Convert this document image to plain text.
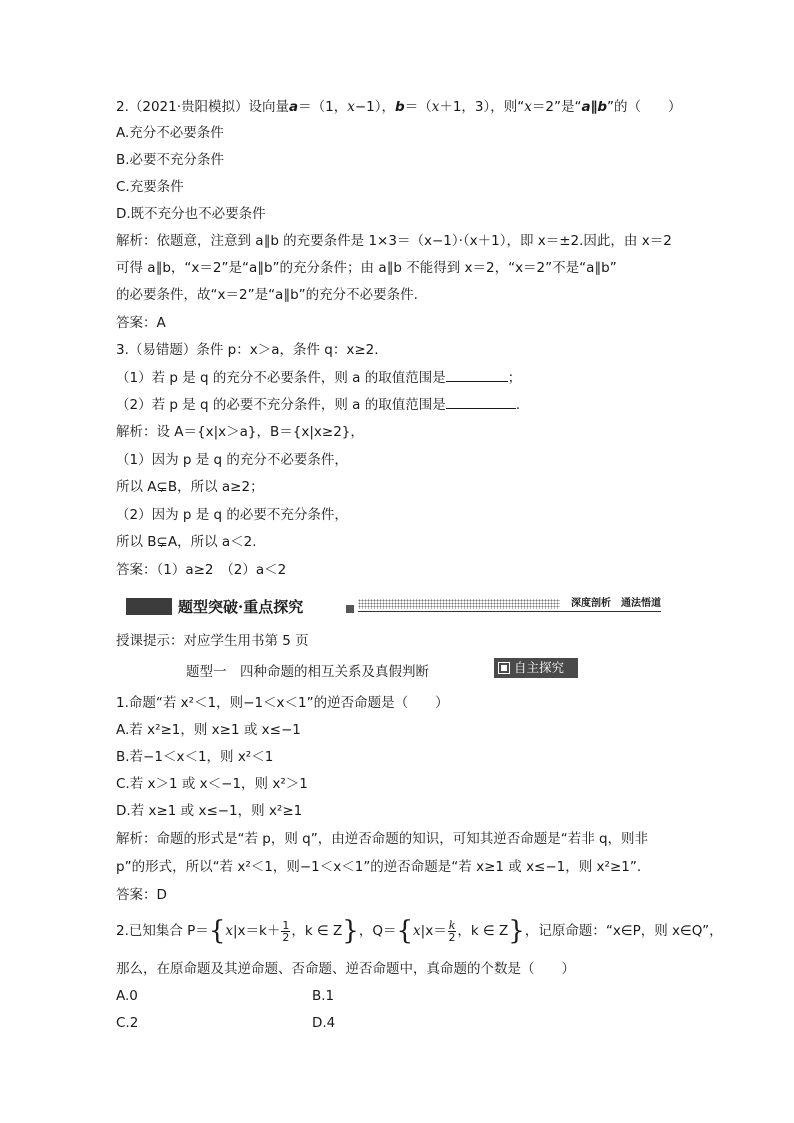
2.（2021·贵阳模拟）设向量a＝（1，x−1），b＝（x＋1，3），则“x＝2”是“a∥b”的（　　）
A.充分不必要条件
B.必要不充分条件
C.充要条件
D.既不充分也不必要条件
解析：依题意，注意到 a∥b 的充要条件是 1×3＝（x−1）·（x＋1），即 x＝±2.因此，由 x＝2
可得 a∥b，“x＝2”是“a∥b”的充分条件；由 a∥b 不能得到 x＝2，“x＝2”不是“a∥b”
的必要条件，故“x＝2”是“a∥b”的充分不必要条件.
答案：A
3.（易错题）条件 p：x＞a，条件 q：x≥2.
（1）若 p 是 q 的充分不必要条件，则 a 的取值范围是	；
（2）若 p 是 q 的必要不充分条件，则 a 的取值范围是	.
解析：设 A＝{x|x＞a}，B＝{x|x≥2}，
（1）因为 p 是 q 的充分不必要条件，
所以 A⊊B，所以 a≥2；
（2）因为 p 是 q 的必要不充分条件，
所以 B⊊A，所以 a＜2.
答案：（1）a≥2　（2）a＜2
题型突破·重点探究	深度剖析　通法悟道
授课提示：对应学生用书第 5 页
题型一　四种命题的相互关系及真假判断	自主探究
1.命题“若 x²＜1，则−1＜x＜1”的逆否命题是（　　）
A.若 x²≥1，则 x≥1 或 x≤−1
B.若−1＜x＜1，则 x²＜1
C.若 x＞1 或 x＜−1，则 x²＞1
D.若 x≥1 或 x≤−1，则 x²≥1
解析：命题的形式是“若 p，则 q”，由逆否命题的知识，可知其逆否命题是“若非 q，则非
p”的形式，所以“若 x²＜1，则−1＜x＜1”的逆否命题是“若 x≥1 或 x≤−1，则 x²≥1”.
答案：D
2.已知集合 $P=\{x|x=k+ \frac{1}{2}$ ，k ∈ Z}，$Q=\{x|x= \frac{k}{2}$ ，k ∈ Z}，记原命题：“x∈P，则 x∈Q”，
那么，在原命题及其逆命题、否命题、逆否命题中，真命题的个数是（　　）
A.0	B.1
C.2	D.4
